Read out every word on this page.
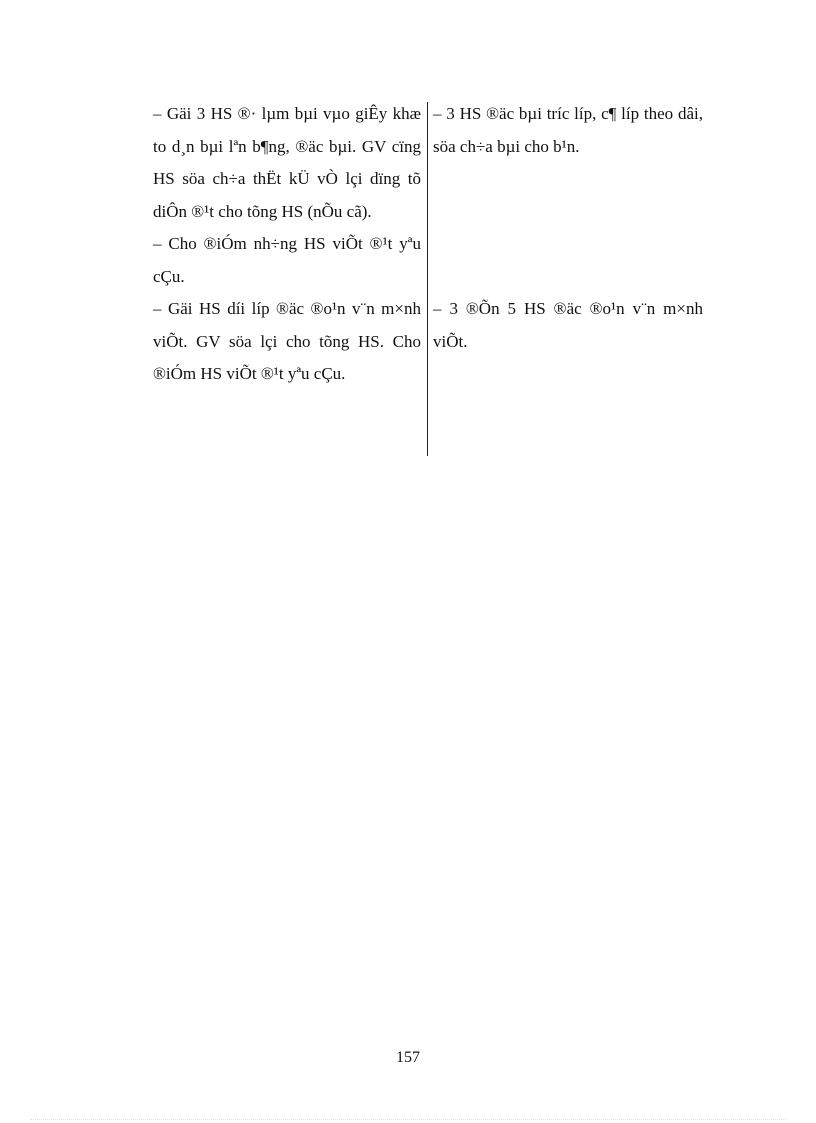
– Gäi 3 HS ®· lµm bµi vµo giÊy khæ to d¸n bµi lªn b¶ng, ®äc bµi. GV cïng HS söa ch÷a thËt kÜ vÒ lçi dïng tõ diÔn ®¹t cho tõng HS (nÕu cã).

– Cho ®iÓm nh÷ng HS viÕt ®¹t yªu cÇu.

– Gäi HS díi líp ®äc ®o¹n v¨n m×nh viÕt. GV söa lçi cho tõng HS. Cho ®iÓm HS viÕt ®¹t yªu cÇu.

– 3 HS ®äc bµi tríc líp, c¶ líp theo dâi, söa ch÷a bµi cho b¹n.

– 3 ®Õn 5 HS ®äc ®o¹n v¨n m×nh viÕt.

157
